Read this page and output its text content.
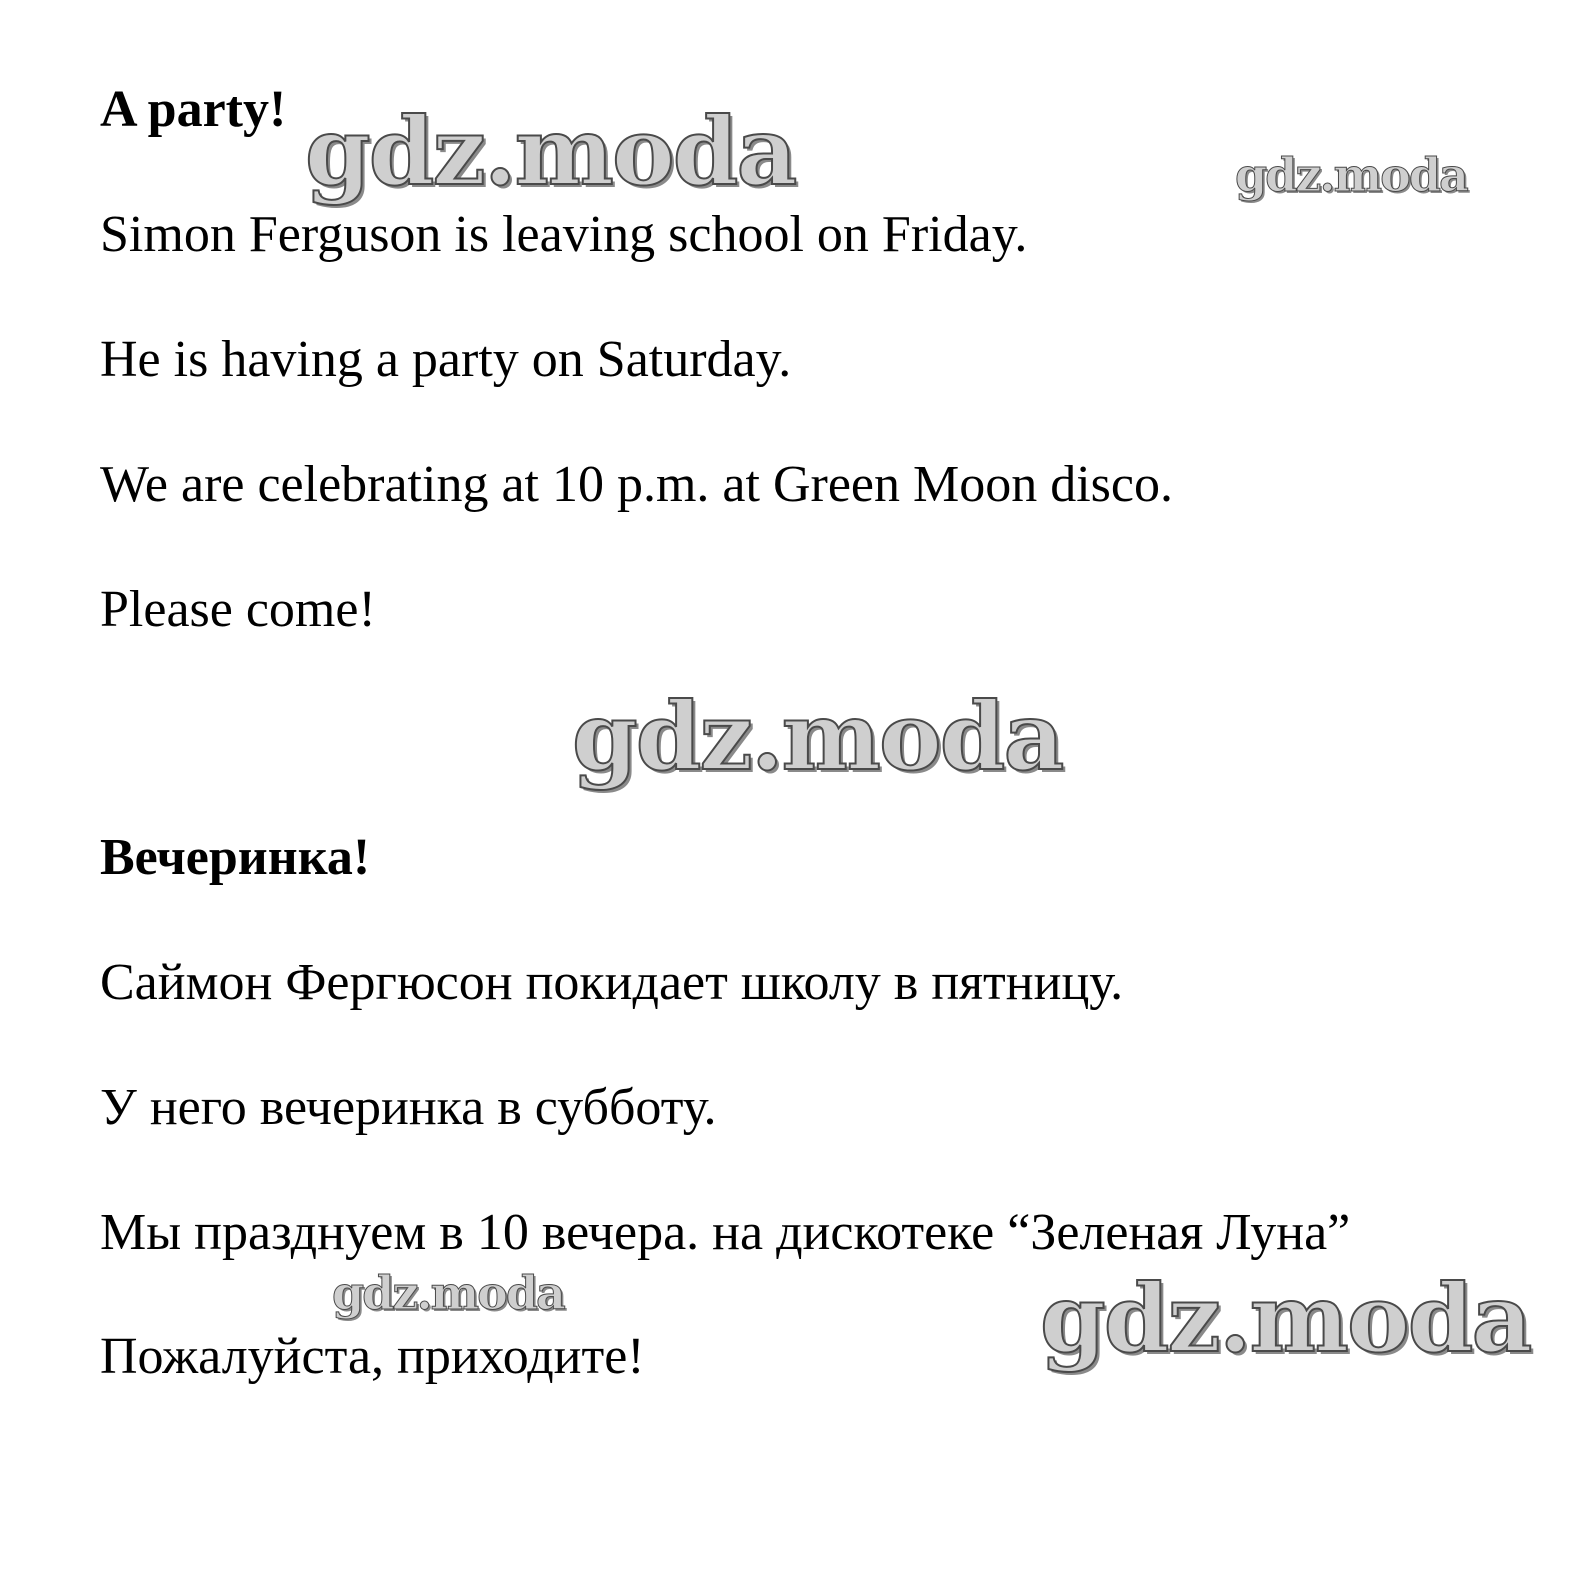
A party!

Simon Ferguson is leaving school on Friday.

He is having a party on Saturday.

We are celebrating at 10 p.m. at Green Moon disco.

Please come!

Вечеринка!

Саймон Фергюсон покидает школу в пятницу.

У него вечеринка в субботу.

Мы празднуем в 10 вечера. на дискотеке “Зеленая Луна”

Пожалуйста, приходите!

gdz.moda	gdz.moda
gdz.moda
gdz.moda	gdz.moda
